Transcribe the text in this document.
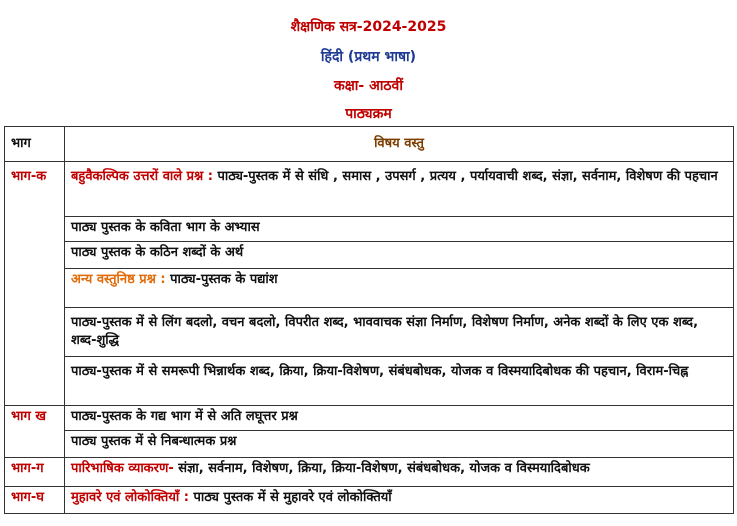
शैक्षणिक सत्र-2024-2025
हिंदी (प्रथम भाषा)
कक्षा- आठवीं
पाठ्यक्रम
भाग	विषय वस्तु
भाग-क	बहुवैकल्पिक उत्तरों वाले प्रश्न : पाठ्य-पुस्तक में से संधि , समास , उपसर्ग , प्रत्यय , पर्यायवाची शब्द, संज्ञा, सर्वनाम, विशेषण की पहचान
	पाठ्य पुस्तक के कविता भाग के अभ्यास
	पाठ्य पुस्तक के कठिन शब्दों के अर्थ
	अन्य वस्तुनिष्ठ प्रश्न : पाठ्य-पुस्तक के पद्यांश
	पाठ्य-पुस्तक में से लिंग बदलो, वचन बदलो, विपरीत शब्द, भाववाचक संज्ञा निर्माण, विशेषण निर्माण, अनेक शब्दों के लिए एक शब्द, शब्द-शुद्धि
	पाठ्य-पुस्तक में से समरूपी भिन्नार्थक शब्द, क्रिया, क्रिया-विशेषण, संबंधबोधक, योजक व विस्मयादिबोधक की पहचान, विराम-चिह्न
भाग ख	पाठ्य-पुस्तक के गद्य भाग में से अति लघूत्तर प्रश्न
	पाठ्य पुस्तक में से निबन्धात्मक प्रश्न
भाग-ग	पारिभाषिक व्याकरण- संज्ञा, सर्वनाम, विशेषण, क्रिया, क्रिया-विशेषण, संबंधबोधक, योजक व विस्मयादिबोधक
भाग-घ	मुहावरे एवं लोकोक्तियाँ : पाठ्य पुस्तक में से मुहावरे एवं लोकोक्तियाँ
